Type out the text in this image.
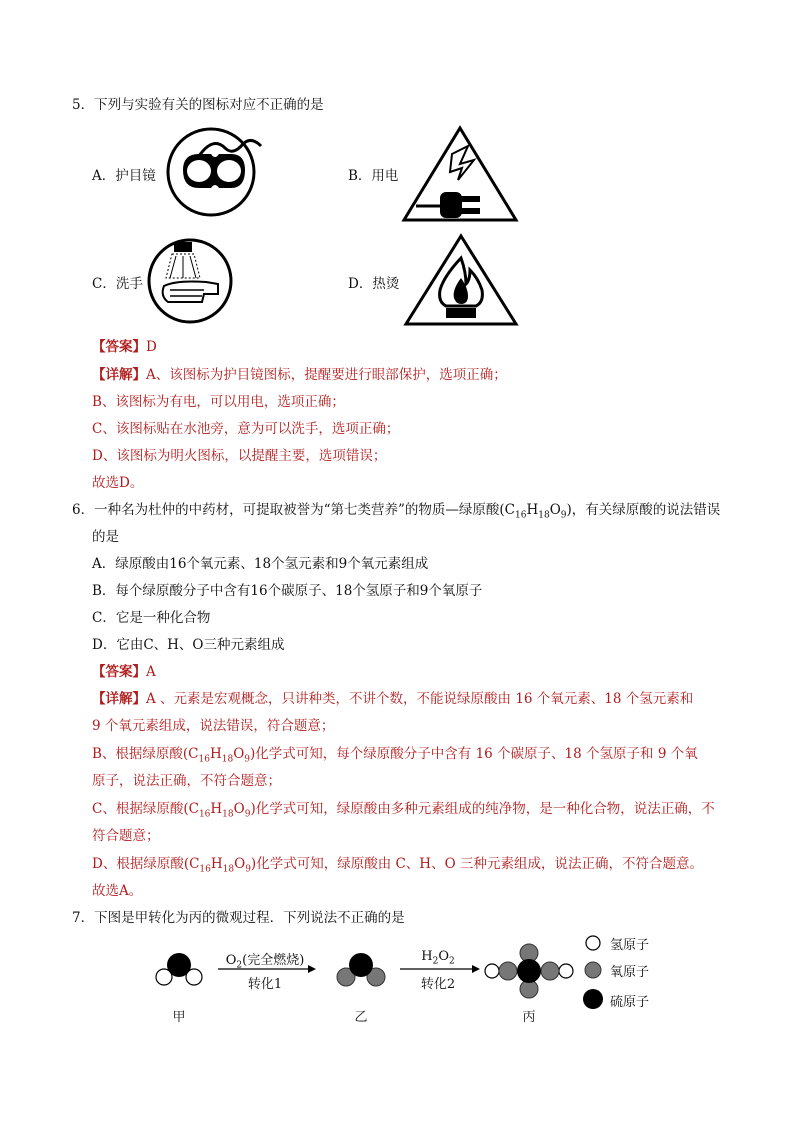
5．下列与实验有关的图标对应不正确的是
A．护目镜	B．用电
C．洗手	D．热烫
【答案】D
【详解】A、该图标为护目镜图标，提醒要进行眼部保护，选项正确；
B、该图标为有电，可以用电，选项正确；
C、该图标贴在水池旁，意为可以洗手，选项正确；
D、该图标为明火图标，以提醒主要，选项错误；
故选D。
6．一种名为杜仲的中药材，可提取被誉为“第七类营养”的物质—绿原酸$(C_{16}H_{18}O_9)$，有关绿原酸的说法错误
的是
A．绿原酸由16个氧元素、18个氢元素和9个氧元素组成
B．每个绿原酸分子中含有16个碳原子、18个氢原子和9个氧原子
C．它是一种化合物
D．它由C、H、O三种元素组成
【答案】A
【详解】A 、元素是宏观概念，只讲种类，不讲个数，不能说绿原酸由 16 个氧元素、18 个氢元素和
9 个氧元素组成，说法错误，符合题意；
B、根据绿原酸$(C_{16}H_{18}O_9)$化学式可知，每个绿原酸分子中含有 16 个碳原子、18 个氢原子和 9 个氧
原子，说法正确，不符合题意；
C、根据绿原酸$(C_{16}H_{18}O_9)$化学式可知，绿原酸由多种元素组成的纯净物，是一种化合物，说法正确，不
符合题意；
D、根据绿原酸$(C_{16}H_{18}O_9)$化学式可知，绿原酸由 C、H、O 三种元素组成，说法正确，不符合题意。
故选A。
7．下图是甲转化为丙的微观过程．下列说法不正确的是
$O_2$(完全燃烧)
转化1
$H_2O_2$
转化2
甲	乙	丙
氢原子
氧原子
硫原子
